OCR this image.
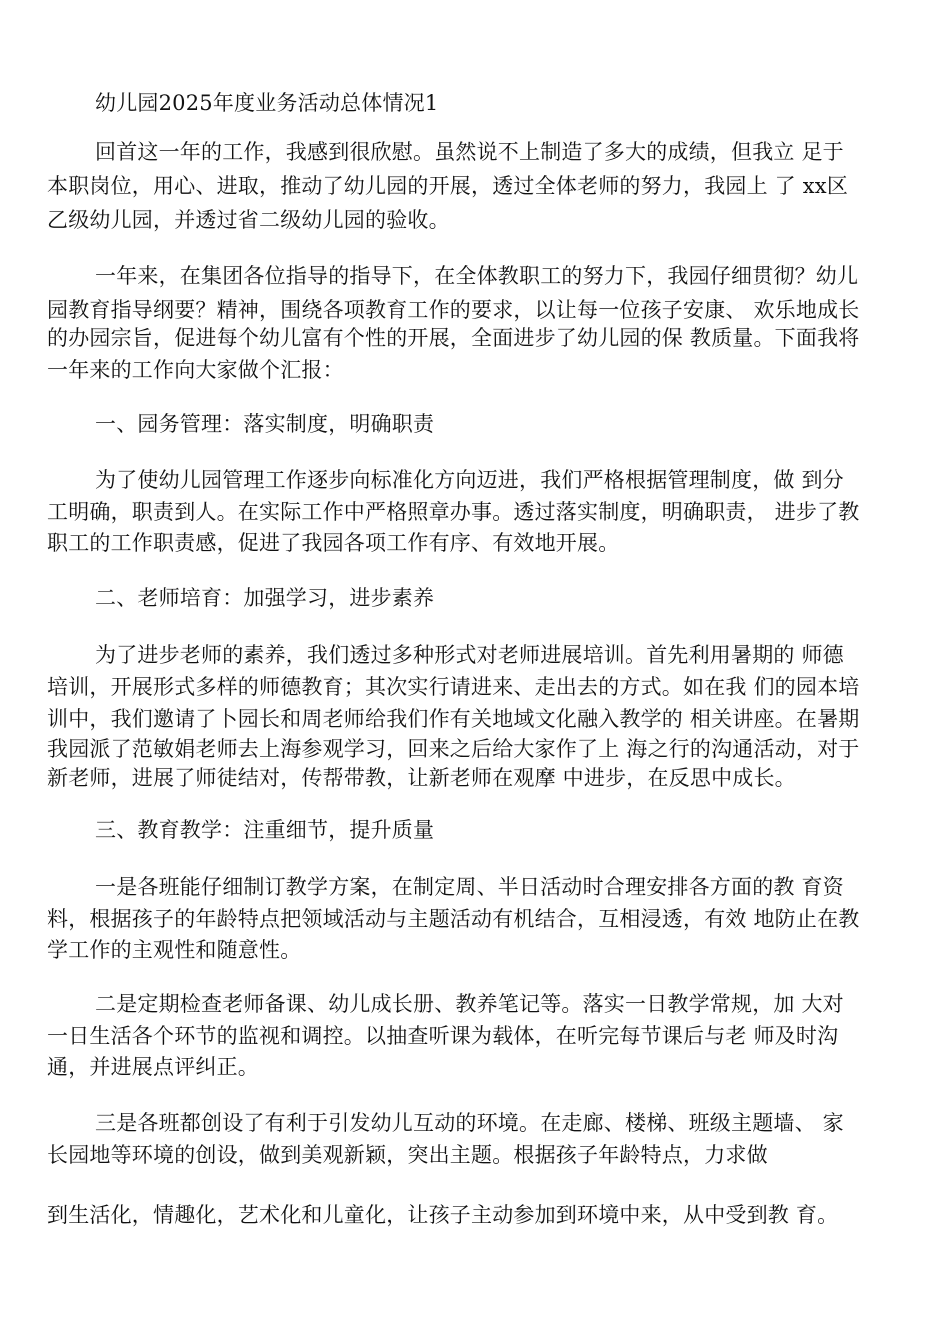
幼儿园2025年度业务活动总体情况1
回首这一年的工作，我感到很欣慰。虽然说不上制造了多大的成绩，但我立 足于
本职岗位，用心、进取，推动了幼儿园的开展，透过全体老师的努力，我园上 了 xx区
乙级幼儿园，并透过省二级幼儿园的验收。
一年来，在集团各位指导的指导下，在全体教职工的努力下，我园仔细贯彻？幼儿
园教育指导纲要？精神，围绕各项教育工作的要求，以让每一位孩子安康、 欢乐地成长
的办园宗旨，促进每个幼儿富有个性的开展，全面进步了幼儿园的保 教质量。下面我将
一年来的工作向大家做个汇报：
一、园务管理：落实制度，明确职责
为了使幼儿园管理工作逐步向标准化方向迈进，我们严格根据管理制度，做 到分
工明确，职责到人。在实际工作中严格照章办事。透过落实制度，明确职责， 进步了教
职工的工作职责感，促进了我园各项工作有序、有效地开展。
二、老师培育：加强学习，进步素养
为了进步老师的素养，我们透过多种形式对老师进展培训。首先利用暑期的 师德
培训，开展形式多样的师德教育；其次实行请进来、走出去的方式。如在我 们的园本培
训中，我们邀请了卜园长和周老师给我们作有关地域文化融入教学的 相关讲座。在暑期
我园派了范敏娟老师去上海参观学习，回来之后给大家作了上 海之行的沟通活动，对于
新老师，进展了师徒结对，传帮带教，让新老师在观摩 中进步，在反思中成长。
三、教育教学：注重细节，提升质量
一是各班能仔细制订教学方案，在制定周、半日活动时合理安排各方面的教 育资
料，根据孩子的年龄特点把领域活动与主题活动有机结合，互相浸透，有效 地防止在教
学工作的主观性和随意性。
二是定期检查老师备课、幼儿成长册、教养笔记等。落实一日教学常规，加 大对
一日生活各个环节的监视和调控。以抽查听课为载体，在听完每节课后与老 师及时沟
通，并进展点评纠正。
三是各班都创设了有利于引发幼儿互动的环境。在走廊、楼梯、班级主题墙、 家
长园地等环境的创设，做到美观新颖，突出主题。根据孩子年龄特点，力求做
到生活化，情趣化，艺术化和儿童化，让孩子主动参加到环境中来，从中受到教 育。
